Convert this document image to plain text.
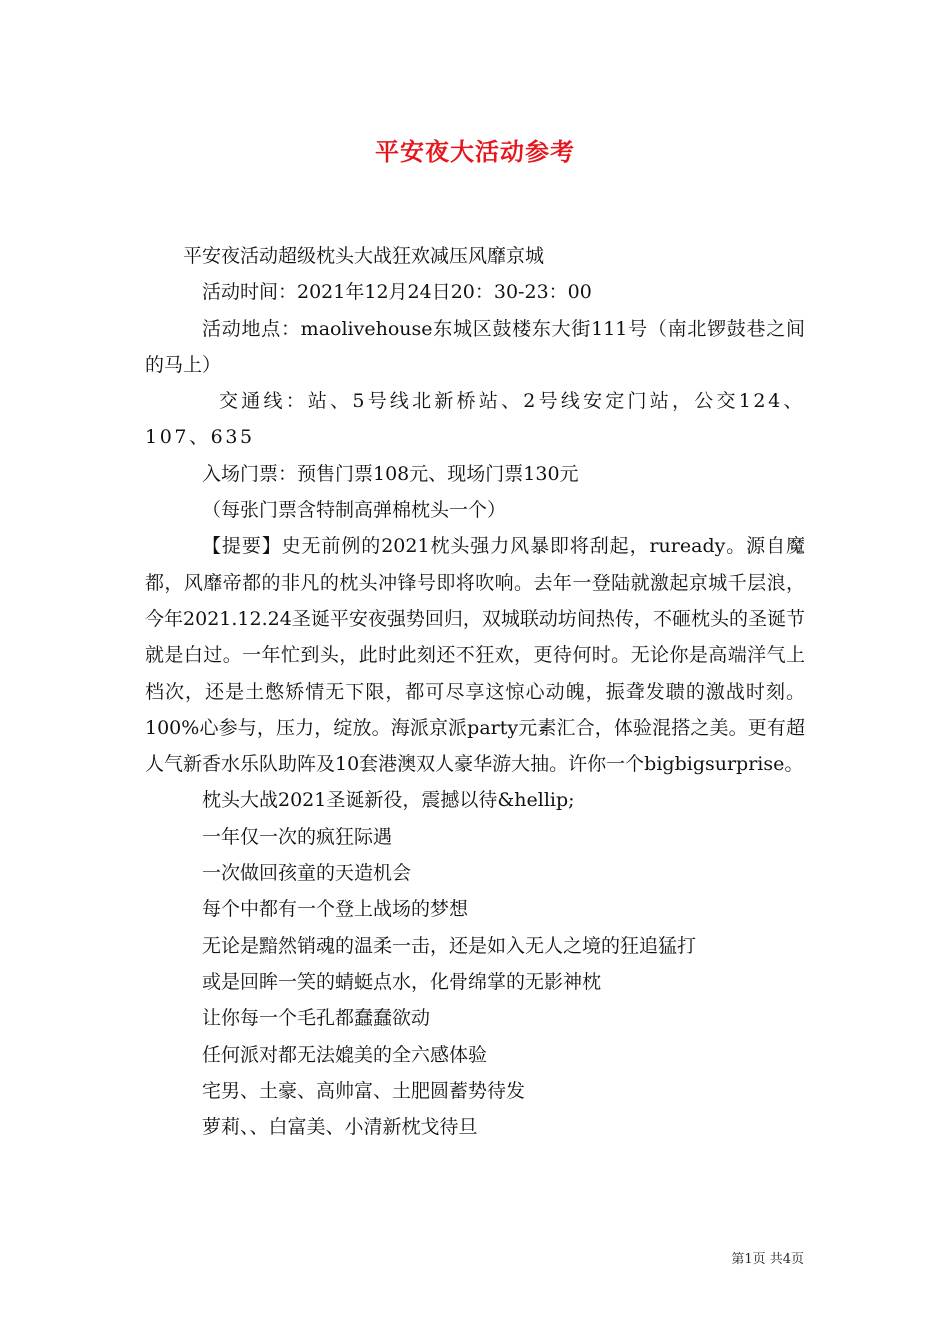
平安夜大活动参考

平安夜活动超级枕头大战狂欢减压风靡京城

活动时间：2021年12月24日20：30-23：00

活动地点：maolivehouse东城区鼓楼东大街111号（南北锣鼓巷之间的马上）

交通线：站、5号线北新桥站、2号线安定门站，公交124、107、635

入场门票：预售门票108元、现场门票130元

（每张门票含特制高弹棉枕头一个）

【提要】史无前例的2021枕头强力风暴即将刮起，ruready。源自魔都，风靡帝都的非凡的枕头冲锋号即将吹响。去年一登陆就激起京城千层浪，今年2021.12.24圣诞平安夜强势回归，双城联动坊间热传，不砸枕头的圣诞节就是白过。一年忙到头，此时此刻还不狂欢，更待何时。无论你是高端洋气上档次，还是土憋矫情无下限，都可尽享这惊心动魄，振聋发聩的激战时刻。100%心参与，压力，绽放。海派京派party元素汇合，体验混搭之美。更有超人气新香水乐队助阵及10套港澳双人豪华游大抽。许你一个bigbigsurprise。

枕头大战2021圣诞新役，震撼以待&hellip;

一年仅一次的疯狂际遇

一次做回孩童的天造机会

每个中都有一个登上战场的梦想

无论是黯然销魂的温柔一击，还是如入无人之境的狂追猛打

或是回眸一笑的蜻蜓点水，化骨绵掌的无影神枕

让你每一个毛孔都蠢蠢欲动

任何派对都无法媲美的全六感体验

宅男、土豪、高帅富、土肥圆蓄势待发

萝莉、、白富美、小清新枕戈待旦

第1页 共4页
